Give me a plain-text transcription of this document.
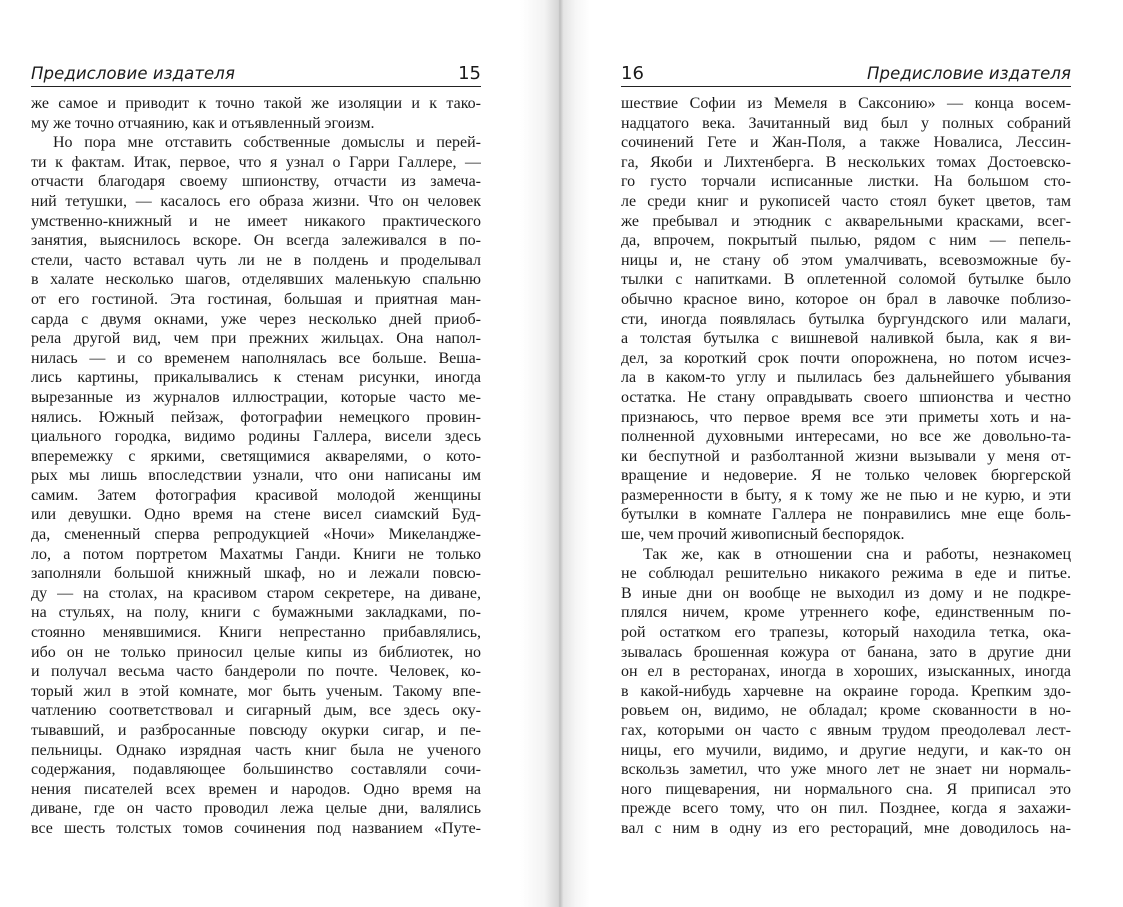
Предисловие издателя	15
же самое и приводит к точно такой же изоляции и к тако-
му же точно отчаянию, как и отъявленный эгоизм.
Но пора мне отставить собственные домыслы и перей-
ти к фактам. Итак, первое, что я узнал о Гарри Галлере, —
отчасти благодаря своему шпионству, отчасти из замеча-
ний тетушки, — касалось его образа жизни. Что он человек
умственно-книжный и не имеет никакого практического
занятия, выяснилось вскоре. Он всегда залеживался в по-
стели, часто вставал чуть ли не в полдень и проделывал
в халате несколько шагов, отделявших маленькую спальню
от его гостиной. Эта гостиная, большая и приятная ман-
сарда с двумя окнами, уже через несколько дней приоб-
рела другой вид, чем при прежних жильцах. Она напол-
нилась — и со временем наполнялась все больше. Веша-
лись картины, прикалывались к стенам рисунки, иногда
вырезанные из журналов иллюстрации, которые часто ме-
нялись. Южный пейзаж, фотографии немецкого провин-
циального городка, видимо родины Галлера, висели здесь
вперемежку с яркими, светящимися акварелями, о кото-
рых мы лишь впоследствии узнали, что они написаны им
самим. Затем фотография красивой молодой женщины
или девушки. Одно время на стене висел сиамский Буд-
да, смененный сперва репродукцией «Ночи» Микеландже-
ло, а потом портретом Махатмы Ганди. Книги не только
заполняли большой книжный шкаф, но и лежали повсю-
ду — на столах, на красивом старом секретере, на диване,
на стульях, на полу, книги с бумажными закладками, по-
стоянно менявшимися. Книги непрестанно прибавлялись,
ибо он не только приносил целые кипы из библиотек, но
и получал весьма часто бандероли по почте. Человек, ко-
торый жил в этой комнате, мог быть ученым. Такому впе-
чатлению соответствовал и сигарный дым, все здесь оку-
тывавший, и разбросанные повсюду окурки сигар, и пе-
пельницы. Однако изрядная часть книг была не ученого
содержания, подавляющее большинство составляли сочи-
нения писателей всех времен и народов. Одно время на
диване, где он часто проводил лежа целые дни, валялись
все шесть толстых томов сочинения под названием «Путе-
16	Предисловие издателя
шествие Софии из Мемеля в Саксонию» — конца восем-
надцатого века. Зачитанный вид был у полных собраний
сочинений Гете и Жан-Поля, а также Новалиса, Лессин-
га, Якоби и Лихтенберга. В нескольких томах Достоевско-
го густо торчали исписанные листки. На большом сто-
ле среди книг и рукописей часто стоял букет цветов, там
же пребывал и этюдник с акварельными красками, всег-
да, впрочем, покрытый пылью, рядом с ним — пепель-
ницы и, не стану об этом умалчивать, всевозможные бу-
тылки с напитками. В оплетенной соломой бутылке было
обычно красное вино, которое он брал в лавочке поблизо-
сти, иногда появлялась бутылка бургундского или малаги,
а толстая бутылка с вишневой наливкой была, как я ви-
дел, за короткий срок почти опорожнена, но потом исчез-
ла в каком-то углу и пылилась без дальнейшего убывания
остатка. Не стану оправдывать своего шпионства и честно
признаюсь, что первое время все эти приметы хоть и на-
полненной духовными интересами, но все же довольно-та-
ки беспутной и разболтанной жизни вызывали у меня от-
вращение и недоверие. Я не только человек бюргерской
размеренности в быту, я к тому же не пью и не курю, и эти
бутылки в комнате Галлера не понравились мне еще боль-
ше, чем прочий живописный беспорядок.
Так же, как в отношении сна и работы, незнакомец
не соблюдал решительно никакого режима в еде и питье.
В иные дни он вообще не выходил из дому и не подкре-
плялся ничем, кроме утреннего кофе, единственным по-
рой остатком его трапезы, который находила тетка, ока-
зывалась брошенная кожура от банана, зато в другие дни
он ел в ресторанах, иногда в хороших, изысканных, иногда
в какой-нибудь харчевне на окраине города. Крепким здо-
ровьем он, видимо, не обладал; кроме скованности в но-
гах, которыми он часто с явным трудом преодолевал лест-
ницы, его мучили, видимо, и другие недуги, и как-то он
вскользь заметил, что уже много лет не знает ни нормаль-
ного пищеварения, ни нормального сна. Я приписал это
прежде всего тому, что он пил. Позднее, когда я захажи-
вал с ним в одну из его рестораций, мне доводилось на-
